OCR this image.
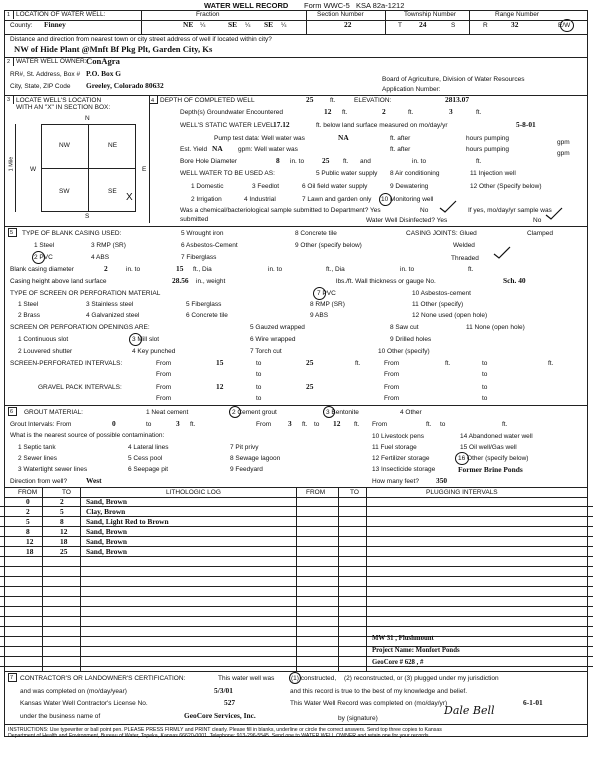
WATER WELL RECORD Form WWC-5 KSA 82a-1212
1 LOCATION OF WATER WELL:
County: Finney
Fraction
NE ¼	SE ¼ SE ¼
Section Number
22
Township Number
T 24	S
Range Number
R	32	E/W
Distance and direction from nearest town or city street address of well if located within city?
NW of Hide Plant @Mnft Bf Pkg Plt, Garden City, Ks
2 WATER WELL OWNER: ConAgra
RR#, St. Address, Box # P.O. Box G
City, State, ZIP Code Greeley, Colorado 80632
Board of Agriculture, Division of Water Resources
Application Number:
3 LOCATE WELL'S LOCATION
WITH AN "X" IN SECTION BOX:
N
S
W	E
NW	NE
SW	SE
X
1 Mile
4 DEPTH OF COMPLETED WELL	25	ft.	ELEVATION:	2813.07
Depth(s) Groundwater Encountered	12 ft.	2	ft.	3	ft.
WELL'S STATIC WATER LEVEL 17.12	ft. below land surface measured on mo/day/yr	5-8-01
Pump test data: Well water was	NA	ft. after	hours pumping
gpm
Est. Yield NA gpm: Well water was	ft. after	hours pumping
gpm
Bore Hole Diameter	8 in. to 25 ft. and	in. to	ft.
WELL WATER TO BE USED AS:	5 Public water supply 8 Air conditioning	11 Injection well
1 Domestic	3 Feedlot	6 Oil field water supply	9 Dewatering	12 Other (Specify below)
2 Irrigation	4 Industrial	7 Lawn and garden only 10 Monitoring well
Was a chemical/bacteriological sample submitted to Department? Yes	No	If yes, mo/day/yr sample was
submitted	Water Well Disinfected? Yes	No
5 TYPE OF BLANK CASING USED:	5 Wrought iron	8 Concrete tile	CASING JOINTS: Glued	Clamped
1 Steel	3 RMP (SR)	6 Asbestos-Cement	9 Other (specify below)	Welded
2 PVC	4 ABS	7 Fiberglass	Threaded
Blank casing diameter	2	in. to	15 ft., Dia	in. to	ft., Dia	in. to	ft.
Casing height above land surface	28.56 in., weight	lbs./ft. Wall thickness or gauge No.	Sch. 40
TYPE OF SCREEN OR PERFORATION MATERIAL	7 PVC	10 Asbestos-cement
1 Steel	3 Stainless steel	5 Fiberglass	8 RMP (SR)	11 Other (specify)
2 Brass	4 Galvanized steel	6 Concrete tile	9 ABS	12 None used (open hole)
SCREEN OR PERFORATION OPENINGS ARE:	5 Gauzed wrapped	8 Saw cut	11 None (open hole)
1 Continuous slot	3 Mill slot	6 Wire wrapped	9 Drilled holes
2 Louvered shutter	4 Key punched	7 Torch cut	10 Other (specify)
SCREEN-PERFORATED INTERVALS:	From	15	to	25	ft.	From	ft.	to	ft.
From	to	From	to
GRAVEL PACK INTERVALS:	From	12	to	25	From	to
From	to	From	to
6 GROUT MATERIAL:	1 Neat cement	2 Cement grout	3 Bentonite	4 Other
Grout Intervals: From	0	to	3 ft.	From 3 ft. to 12 ft. From	ft. to	ft.
What is the nearest source of possible contamination:	10 Livestock pens	14 Abandoned water well
1 Septic tank	4 Lateral lines	7 Pit privy	11 Fuel storage	15 Oil well/Gas well
2 Sewer lines	5 Cess pool	8 Sewage lagoon	12 Fertilizer storage	16 Other (specify below)
3 Watertight sewer lines	6 Seepage pit	9 Feedyard	13 Insecticide storage	Former Brine Ponds
Direction from well?	West	How many feet? 350
FROM	TO	LITHOLOGIC LOG	FROM	TO	PLUGGING INTERVALS
0	2	Sand, Brown
2	5	Clay, Brown
5	8	Sand, Light Red to Brown
8	12	Sand, Brown
12	18	Sand, Brown
18	25	Sand, Brown
MW 31 , Flushmount
Project Name: Monfort Ponds
GeoCore # 628 , #
7 CONTRACTOR'S OR LANDOWNER'S CERTIFICATION:	This water well was	(1) constructed, (2) reconstructed, or (3) plugged under my jurisdiction
and was completed on (mo/day/year)	5/3/01	and this record is true to the best of my knowledge and belief.
Kansas Water Well Contractor's License No.	527	This Water Well Record was completed on (mo/day/yr)	6-1-01
under the business name of	GeoCore Services, Inc.	by (signature)
Dale Bell
INSTRUCTIONS: Use typewriter or ball point pen. PLEASE PRESS FIRMLY and PRINT clearly. Please fill in blanks, underline or circle the correct answers. Send top three copies to Kansas
Department of Health and Environment, Bureau of Water, Topeka, Kansas 66620-0001. Telephone: 913-296-5545. Send one to WATER WELL OWNER and retain one for your records.
